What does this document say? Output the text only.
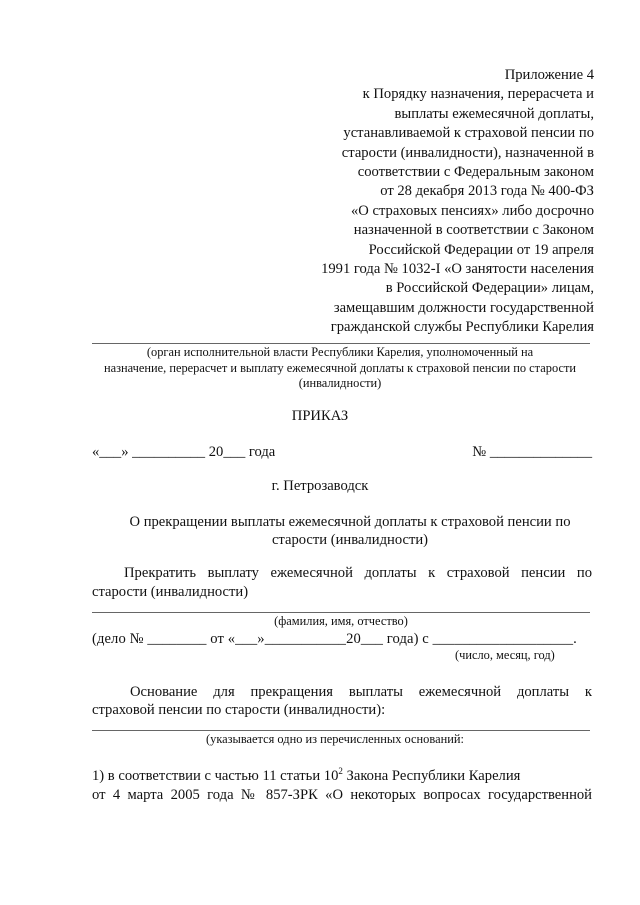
Приложение 4
к Порядку назначения, перерасчета и
выплаты ежемесячной доплаты,
устанавливаемой к страховой пенсии по
старости (инвалидности), назначенной в
соответствии с Федеральным законом
от 28 декабря 2013 года № 400-ФЗ
«О страховых пенсиях» либо досрочно
назначенной в соответствии с Законом
Российской Федерации от 19 апреля
1991 года № 1032-I «О занятости населения
в Российской Федерации» лицам,
замещавшим должности государственной
гражданской службы Республики Карелия
(орган исполнительной власти Республики Карелия, уполномоченный на
назначение, перерасчет и выплату ежемесячной доплаты к страховой пенсии по старости
(инвалидности)
ПРИКАЗ
«___» __________ 20___ года	№ ______________
г. Петрозаводск
О прекращении выплаты ежемесячной доплаты к страховой пенсии по
старости (инвалидности)
Прекратить выплату ежемесячной доплаты к страховой пенсии по
старости (инвалидности)
(фамилия, имя, отчество)
(дело № ________ от «___»___________20___ года) с ___________________.
(число, месяц, год)
Основание для прекращения выплаты ежемесячной доплаты к
страховой пенсии по старости (инвалидности):
(указывается одно из перечисленных оснований:
1) в соответствии с частью 11 статьи $10^2$ Закона Республики Карелия
от 4 марта 2005 года № 857-ЗРК «О некоторых вопросах государственной
